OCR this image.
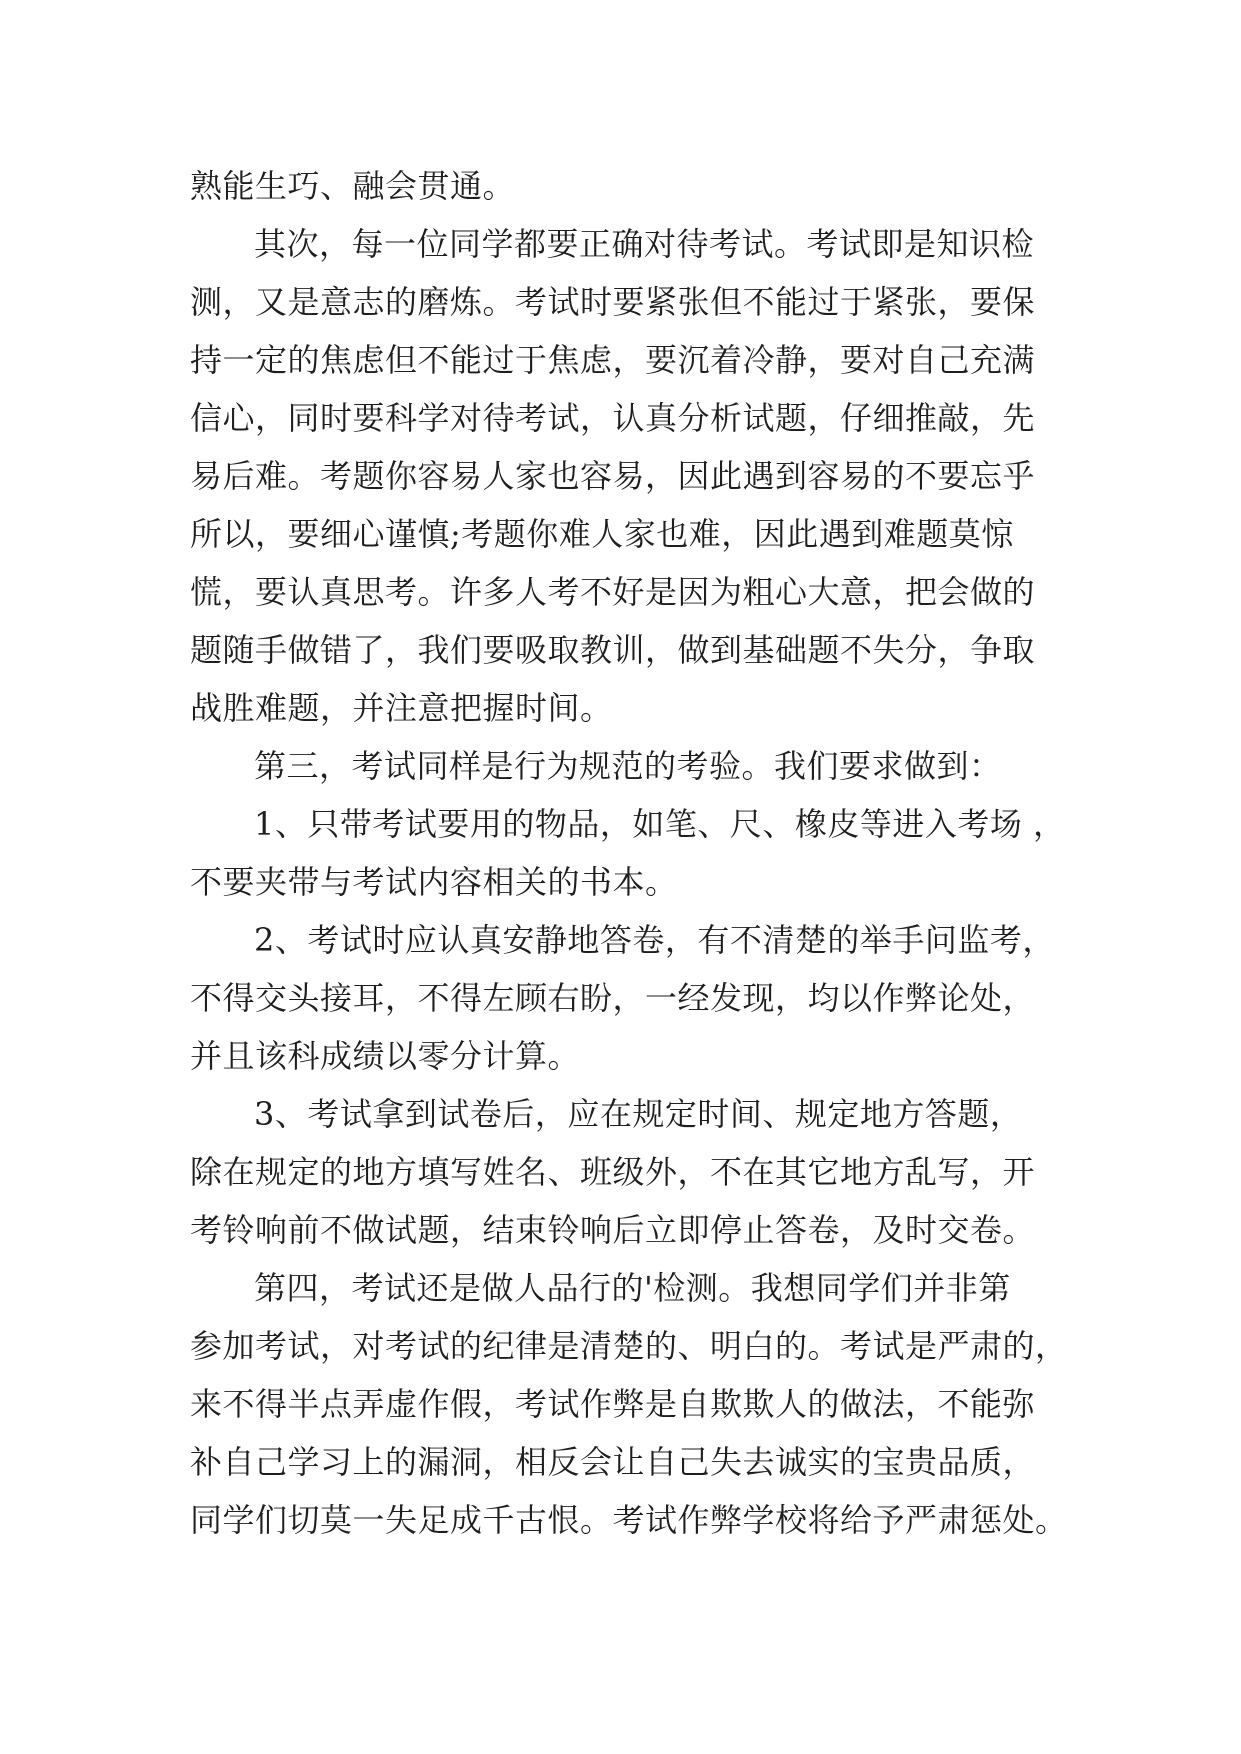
熟能生巧、融会贯通。
其次，每一位同学都要正确对待考试。考试即是知识检
测，又是意志的磨炼。考试时要紧张但不能过于紧张，要保
持一定的焦虑但不能过于焦虑，要沉着冷静，要对自己充满
信心，同时要科学对待考试，认真分析试题，仔细推敲，先
易后难。考题你容易人家也容易，因此遇到容易的不要忘乎
所以，要细心谨慎;考题你难人家也难，因此遇到难题莫惊
慌，要认真思考。许多人考不好是因为粗心大意，把会做的
题随手做错了，我们要吸取教训，做到基础题不失分，争取
战胜难题，并注意把握时间。
第三，考试同样是行为规范的考验。我们要求做到：
1、只带考试要用的物品，如笔、尺、橡皮等进入考场 ，
不要夹带与考试内容相关的书本。
2、考试时应认真安静地答卷，有不清楚的举手问监考，
不得交头接耳，不得左顾右盼，一经发现，均以作弊论处，
并且该科成绩以零分计算。
3、考试拿到试卷后，应在规定时间、规定地方答题，
除在规定的地方填写姓名、班级外，不在其它地方乱写，开
考铃响前不做试题，结束铃响后立即停止答卷，及时交卷。
第四，考试还是做人品行的'检测。我想同学们并非第
参加考试，对考试的纪律是清楚的、明白的。考试是严肃的，
来不得半点弄虚作假，考试作弊是自欺欺人的做法，不能弥
补自己学习上的漏洞，相反会让自己失去诚实的宝贵品质，
同学们切莫一失足成千古恨。考试作弊学校将给予严肃惩处。
